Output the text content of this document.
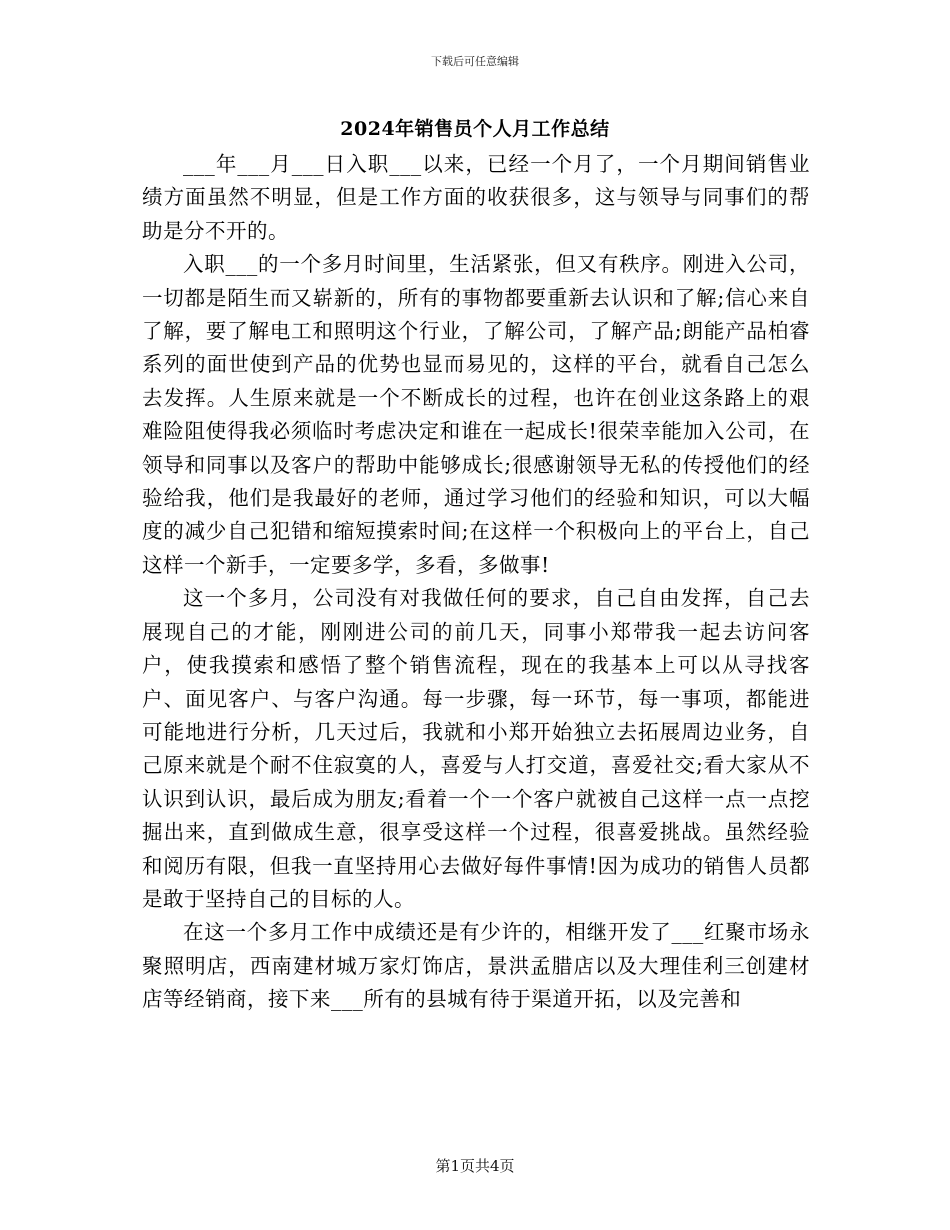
下载后可任意编辑
2024年销售员个人月工作总结

___年___月___日入职___以来，已经一个月了，一个月期间销售业绩方面虽然不明显，但是工作方面的收获很多，这与领导与同事们的帮助是分不开的。

入职___的一个多月时间里，生活紧张，但又有秩序。刚进入公司，一切都是陌生而又崭新的，所有的事物都要重新去认识和了解;信心来自了解，要了解电工和照明这个行业，了解公司，了解产品;朗能产品柏睿系列的面世使到产品的优势也显而易见的，这样的平台，就看自己怎么去发挥。人生原来就是一个不断成长的过程，也许在创业这条路上的艰难险阻使得我必须临时考虑决定和谁在一起成长!很荣幸能加入公司，在领导和同事以及客户的帮助中能够成长;很感谢领导无私的传授他们的经验给我，他们是我最好的老师，通过学习他们的经验和知识，可以大幅度的减少自己犯错和缩短摸索时间;在这样一个积极向上的平台上，自己这样一个新手，一定要多学，多看，多做事!

这一个多月，公司没有对我做任何的要求，自己自由发挥，自己去展现自己的才能，刚刚进公司的前几天，同事小郑带我一起去访问客户，使我摸索和感悟了整个销售流程，现在的我基本上可以从寻找客户、面见客户、与客户沟通。每一步骤，每一环节，每一事项，都能进可能地进行分析，几天过后，我就和小郑开始独立去拓展周边业务，自己原来就是个耐不住寂寞的人，喜爱与人打交道，喜爱社交;看大家从不认识到认识，最后成为朋友;看着一个一个客户就被自己这样一点一点挖掘出来，直到做成生意，很享受这样一个过程，很喜爱挑战。虽然经验和阅历有限，但我一直坚持用心去做好每件事情!因为成功的销售人员都是敢于坚持自己的目标的人。

在这一个多月工作中成绩还是有少许的，相继开发了___红聚市场永聚照明店，西南建材城万家灯饰店，景洪孟腊店以及大理佳利三创建材店等经销商，接下来___所有的县城有待于渠道开拓，以及完善和

第1页共4页
